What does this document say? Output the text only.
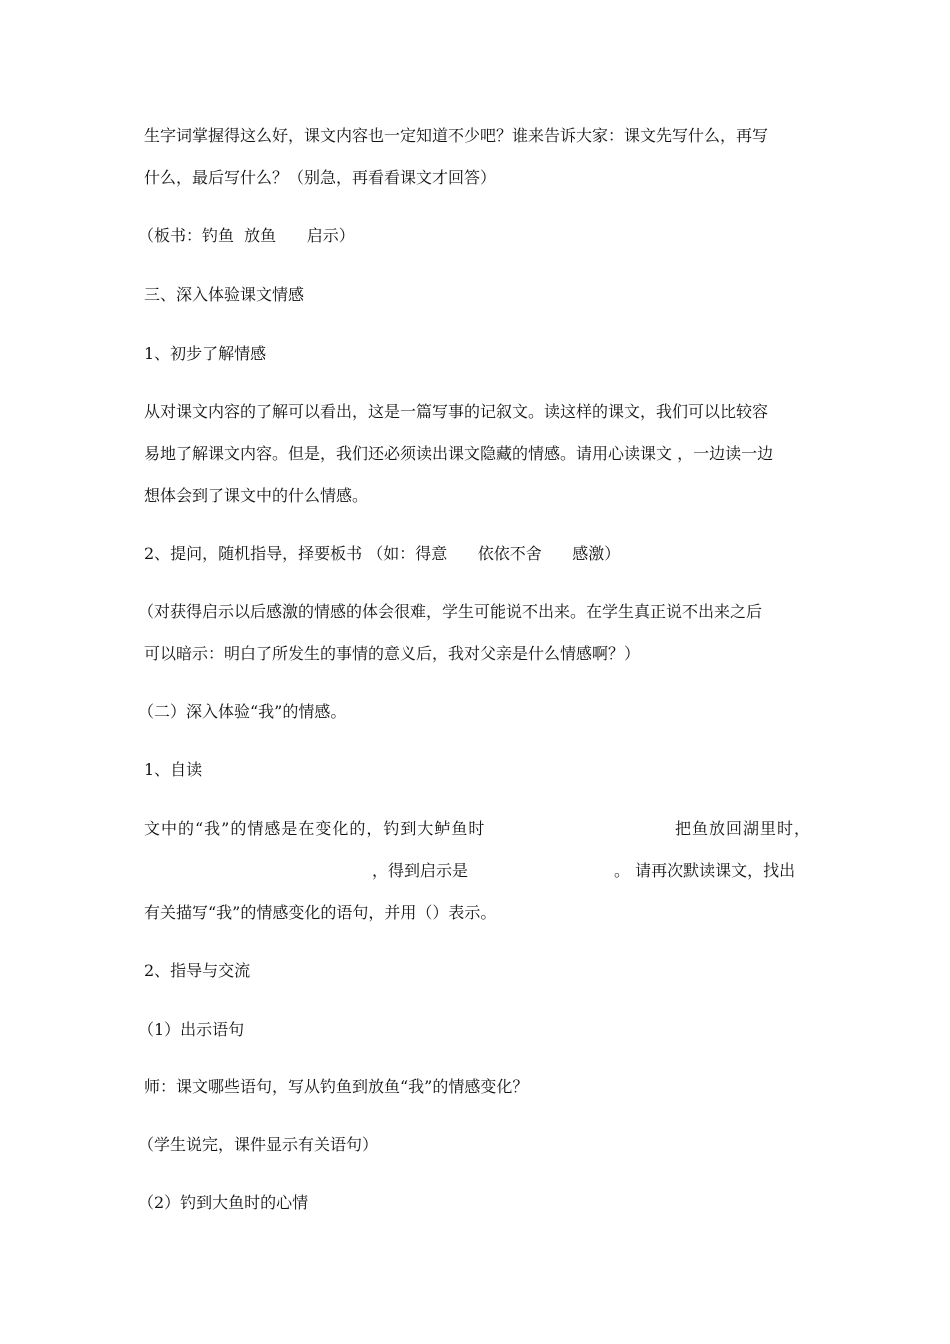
生字词掌握得这么好，课文内容也一定知道不少吧？谁来告诉大家：课文先写什么，再写

什么，最后写什么？（别急，再看看课文才回答）

（板书：钓鱼  放鱼      启示）

三、深入体验课文情感

1、初步了解情感

从对课文内容的了解可以看出，这是一篇写事的记叙文。读这样的课文，我们可以比较容

易地了解课文内容。但是，我们还必须读出课文隐藏的情感。请用心读课文 ，一边读一边

想体会到了课文中的什么情感。

2、提问，随机指导，择要板书 （如：得意      依依不舍      感激）

（对获得启示以后感激的情感的体会很难，学生可能说不出来。在学生真正说不出来之后

可以暗示：明白了所发生的事情的意义后，我对父亲是什么情感啊？）

（二）深入体验“我”的情感。

1、自读

文中的“我”的情感是在变化的，钓到大鲈鱼时	把鱼放回湖里时，

，得到启示是	。 请再次默读课文，找出

有关描写“我”的情感变化的语句，并用（）表示。

2、指导与交流

（1）出示语句

师：课文哪些语句，写从钓鱼到放鱼“我”的情感变化？

（学生说完，课件显示有关语句）

（2）钓到大鱼时的心情
